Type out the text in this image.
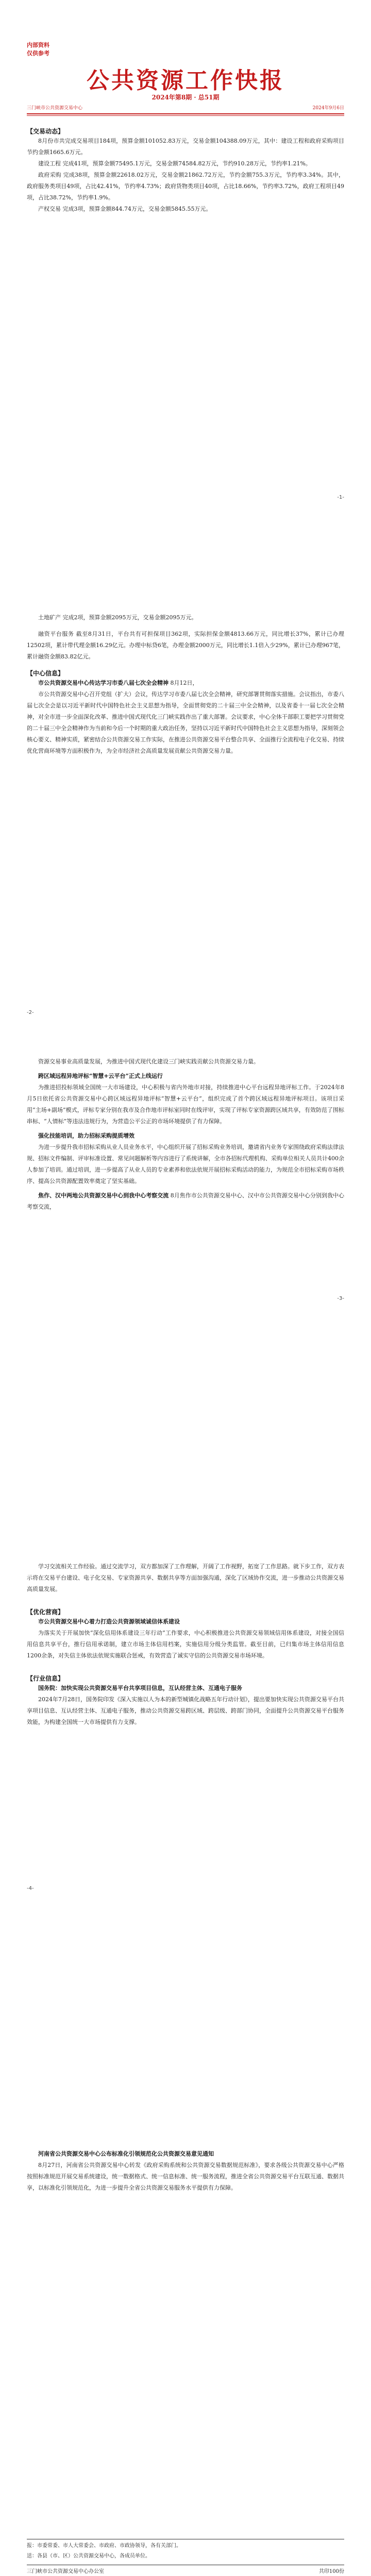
内部资料
仅供参考
公共资源工作快报
2024年第8期 · 总51期
三门峡市公共资源交易中心	2024年9月6日

【交易动态】

8月份市共完成交易项目184项，预算金额101052.83万元，交易金额104388.09万元，其中：建设工程和政府采购项目节约金额1665.6万元。

建设工程 完成41项，预算金额75495.1万元，交易金额74584.82万元，节约910.28万元，节约率1.21%。

政府采购 完成38项，预算金额22618.02万元，交易金额21862.72万元，节约金额755.3万元，节约率3.34%。其中，政府服务类项目49项，占比42.41%，节约率4.73%；政府货物类项目40项，占比18.66%，节约率3.72%，政府工程项目49项，占比38.72%，节约率1.9%。

产权交易 完成3项，预算金额844.74万元，交易金额5845.55万元。

-1-

土地矿产 完成2项，预算金额2095万元，交易金额2095万元。

融资平台服务 截至8月31日，平台共有可担保项目362项，实际担保金额4813.66万元，同比增长37%，累计已办理12502项，累计带代理金额16.29亿元。办理中标贷6笔，办理金额2000万元，同比增长1.1倍入少29%，累计已办理967笔，累计融资金额83.82亿元。

【中心信息】

市公共资源交易中心传达学习市委八届七次全会精神 8月12日，

市公共资源交易中心召开党组（扩大）会议，传达学习市委八届七次全会精神，研究部署贯彻落实措施。会议指出，市委八届七次全会是以习近平新时代中国特色社会主义思想为指导，全面贯彻党的二十届三中全会精神，以及省委十一届七次全会精神，对全市进一步全面深化改革、推进中国式现代化三门峡实践作出了重大部署。会议要求，中心全体干部职工要把学习贯彻党的二十届三中全会精神作为当前和今后一个时期的重大政治任务，坚持以习近平新时代中国特色社会主义思想为指导，深刻领会核心要义、精神实质，紧密结合公共资源交易工作实际，在推进公共资源交易平台整合共享、全面推行全流程电子化交易、持续优化营商环境等方面积极作为，为全市经济社会高质量发展贡献公共资源交易力量。

-2-

资源交易事业高质量发展，为推进中国式现代化建设三门峡实践贡献公共资源交易力量。

跨区域远程异地评标“智慧+云平台”正式上线运行

为推进招投标领域全国统一大市场建设，中心积极与省内外地市对接，持续推进中心平台远程异地评标工作。于2024年8月5日依托省公共资源交易中心跨区域远程异地评标“智慧+云平台”，组织完成了首个跨区域远程异地评标项目。该项目采用“主场+副场”模式，评标专家分别在我市及合作地市评标室同时在线评审，实现了评标专家资源跨区域共享，有效防范了围标串标、“人情标”等违法违规行为，为营造公平公正的市场环境提供了有力保障。

强化技能培训，助力招标采购提质增效

为进一步提升我市招标采购从业人员业务水平，中心组织开展了招标采购业务培训，邀请省内业务专家围绕政府采购法律法规、招标文件编制、评审标准设置、常见问题解析等内容进行了系统讲解，全市各招标代理机构、采购单位相关人员共计400余人参加了培训。通过培训，进一步提高了从业人员的专业素养和依法依规开展招标采购活动的能力，为规范全市招标采购市场秩序、提高公共资源配置效率奠定了坚实基础。

焦作、汉中两地公共资源交易中心到我中心考察交流 8月焦作市公共资源交易中心、汉中市公共资源交易中心分别到我中心考察交流，

-3-

学习交流相关工作经验。通过交流学习，双方都加深了工作理解，开阔了工作视野，拓宽了工作思路。就下步工作，双方表示将在交易平台建设、电子化交易、专家资源共享、数据共享等方面加强沟通，深化了区域协作交流，进一步推动公共资源交易高质量发展。

【优化营商】

市公共资源交易中心着力打造公共资源领域诚信体系建设

为落实关于开展加快“深化信用体系建设三年行动”工作要求，中心积极推进公共资源交易领域信用体系建设，对接全国信用信息共享平台，推行信用承诺制，建立市场主体信用档案，实施信用分级分类监管。截至目前，已归集市场主体信用信息1200余条，对失信主体依法依规实施联合惩戒，有效营造了诚实守信的公共资源交易市场环境。

【行业信息】

国务院：加快实现公共资源交易平台共享项目信息，互认经营主体、互通电子服务

2024年7月28日，国务院印发《深入实施以人为本的新型城镇化战略五年行动计划》，提出要加快实现公共资源交易平台共享项目信息、互认经营主体、互通电子服务，推动公共资源交易跨区域、跨层级、跨部门协同，全面提升公共资源交易平台服务效能，为构建全国统一大市场提供有力支撑。

-4-

河南省公共资源交易中心公布标准化引领规范化公共资源交易意见通知

8月27日，河南省公共资源交易中心转发《政府采购系统和公共资源交易数据规范标准》，要求各级公共资源交易中心严格按照标准规范开展交易系统建设，统一数据格式、统一信息标准、统一服务流程，推进全省公共资源交易平台互联互通、数据共享，以标准化引领规范化，为进一步提升全省公共资源交易服务水平提供有力保障。

报：市委常委、市人大常委会、市政府、市政协领导，各有关部门。
送：各县（市、区）公共资源交易中心，各成员单位。
三门峡市公共资源交易中心办公室	共印100份
